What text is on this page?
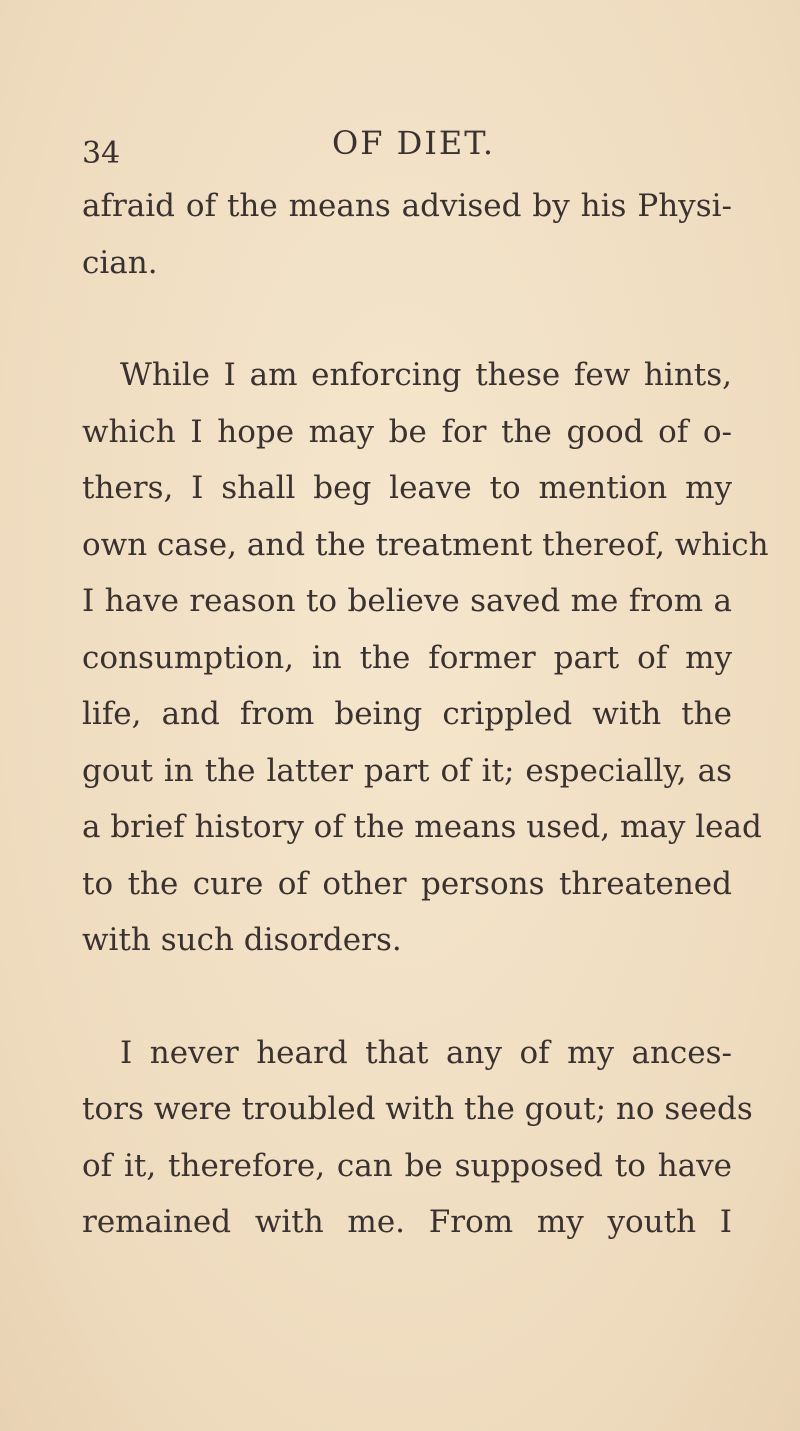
34	OF DIET.
afraid of the means advised by his Physi-
cian.
While I am enforcing these few hints,
which I hope may be for the good of o-
thers, I shall beg leave to mention my
own case, and the treatment thereof, which
I have reason to believe saved me from a
consumption, in the former part of my
life, and from being crippled with the
gout in the latter part of it; especially, as
a brief history of the means used, may lead
to the cure of other persons threatened
with such disorders.
I never heard that any of my ances-
tors were troubled with the gout; no seeds
of it, therefore, can be supposed to have
remained with me. From my youth I
